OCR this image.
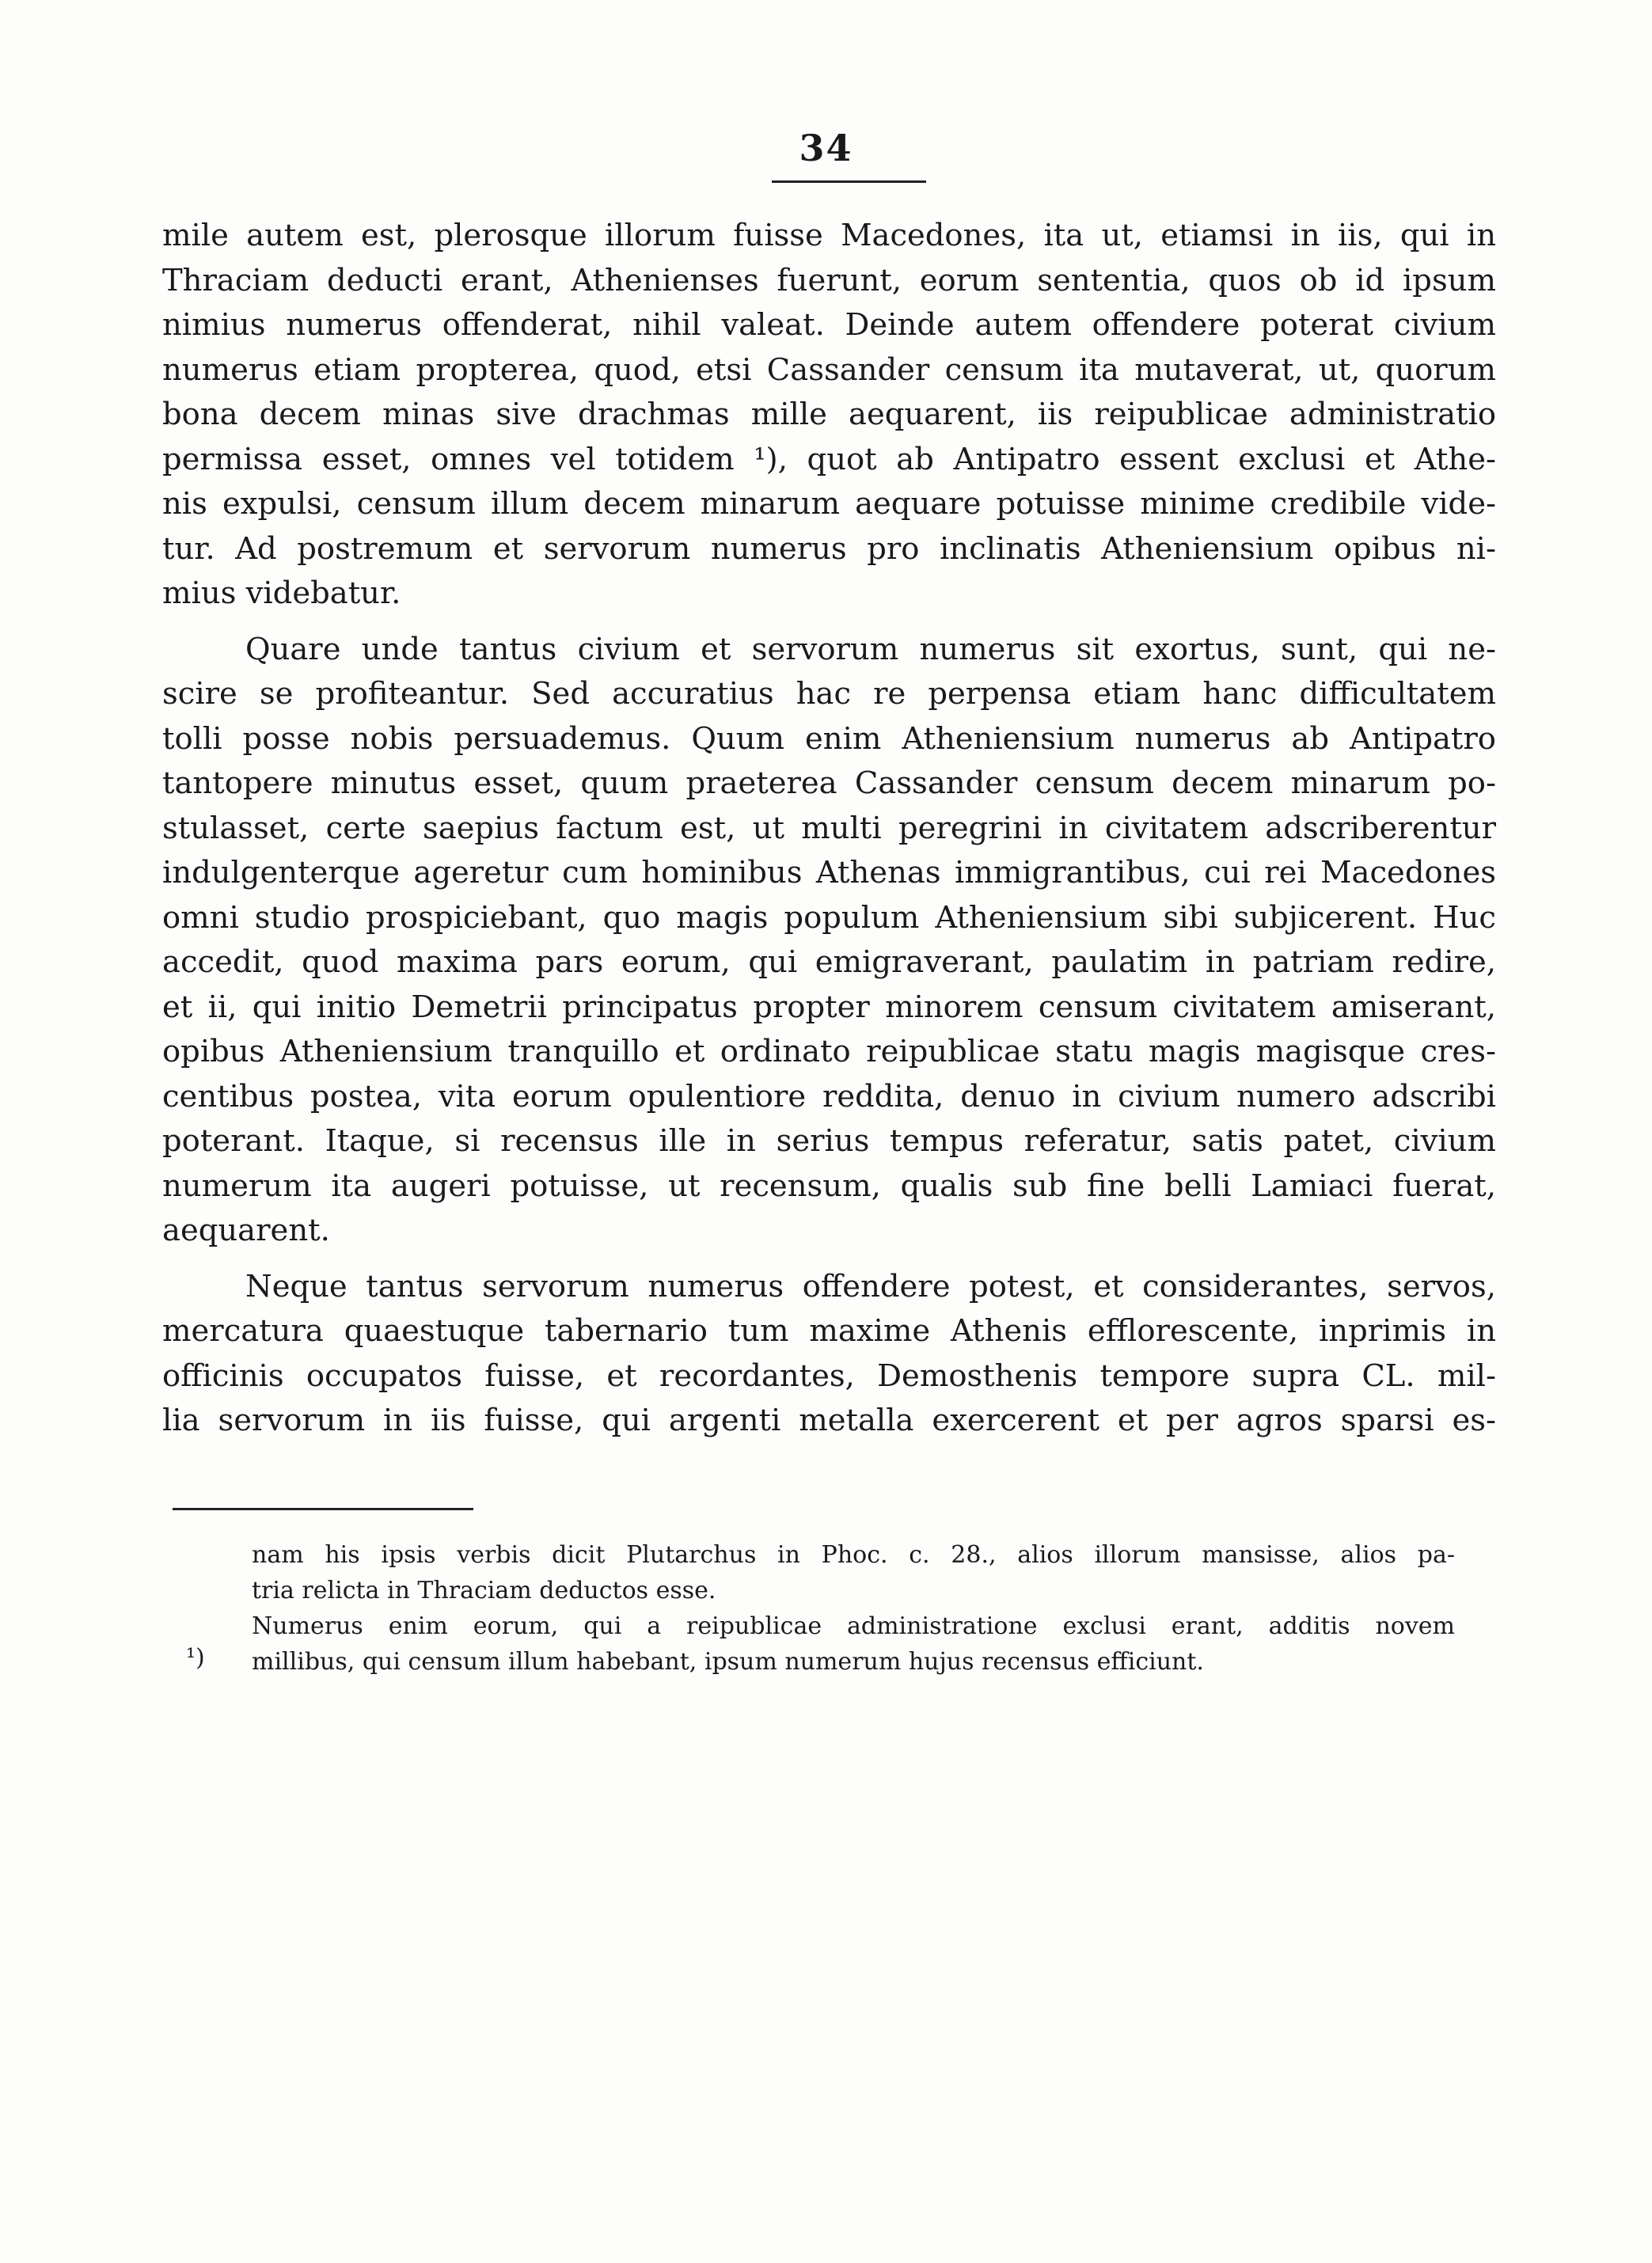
34
mile autem est, plerosque illorum fuisse Macedones, ita ut, etiamsi in iis, qui in
Thraciam deducti erant, Athenienses fuerunt, eorum sententia, quos ob id ipsum
nimius numerus offenderat, nihil valeat. Deinde autem offendere poterat civium
numerus etiam propterea, quod, etsi Cassander censum ita mutaverat, ut, quorum
bona decem minas sive drachmas mille aequarent, iis reipublicae administratio
permissa esset, omnes vel totidem ¹), quot ab Antipatro essent exclusi et Athe-
nis expulsi, censum illum decem minarum aequare potuisse minime credibile vide-
tur. Ad postremum et servorum numerus pro inclinatis Atheniensium opibus ni-
mius videbatur.
Quare unde tantus civium et servorum numerus sit exortus, sunt, qui ne-
scire se profiteantur. Sed accuratius hac re perpensa etiam hanc difficultatem
tolli posse nobis persuademus. Quum enim Atheniensium numerus ab Antipatro
tantopere minutus esset, quum praeterea Cassander censum decem minarum po-
stulasset, certe saepius factum est, ut multi peregrini in civitatem adscriberentur
indulgenterque ageretur cum hominibus Athenas immigrantibus, cui rei Macedones
omni studio prospiciebant, quo magis populum Atheniensium sibi subjicerent. Huc
accedit, quod maxima pars eorum, qui emigraverant, paulatim in patriam redire,
et ii, qui initio Demetrii principatus propter minorem censum civitatem amiserant,
opibus Atheniensium tranquillo et ordinato reipublicae statu magis magisque cres-
centibus postea, vita eorum opulentiore reddita, denuo in civium numero adscribi
poterant. Itaque, si recensus ille in serius tempus referatur, satis patet, civium
numerum ita augeri potuisse, ut recensum, qualis sub fine belli Lamiaci fuerat,
aequarent.
Neque tantus servorum numerus offendere potest, et considerantes, servos,
mercatura quaestuque tabernario tum maxime Athenis efflorescente, inprimis in
officinis occupatos fuisse, et recordantes, Demosthenis tempore supra CL. mil-
lia servorum in iis fuisse, qui argenti metalla exercerent et per agros sparsi es-
¹)
nam his ipsis verbis dicit Plutarchus in Phoc. c. 28., alios illorum mansisse, alios pa-
tria relicta in Thraciam deductos esse.
Numerus enim eorum, qui a reipublicae administratione exclusi erant, additis novem
millibus, qui censum illum habebant, ipsum numerum hujus recensus efficiunt.
